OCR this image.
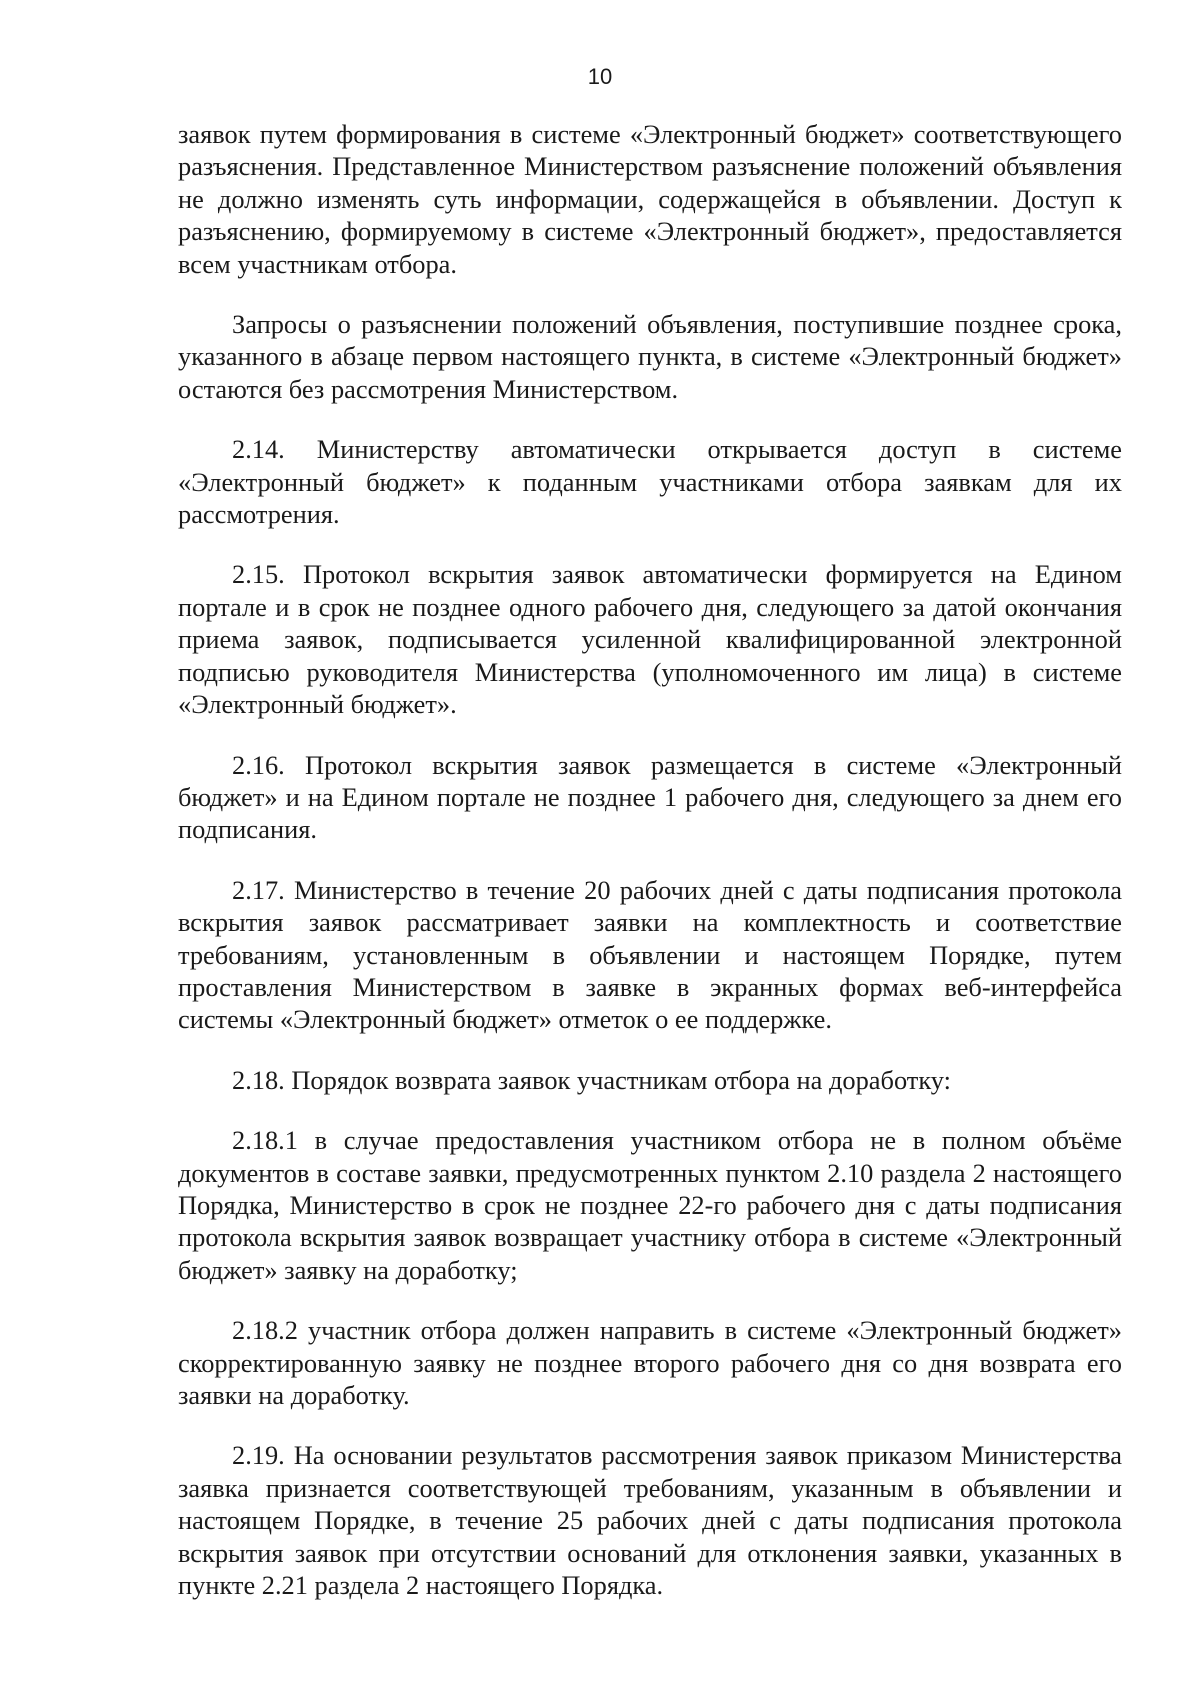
10

заявок путем формирования в системе «Электронный бюджет» соответствующего разъяснения. Представленное Министерством разъяснение положений объявления не должно изменять суть информации, содержащейся в объявлении. Доступ к разъяснению, формируемому в системе «Электронный бюджет», предоставляется всем участникам отбора.

Запросы о разъяснении положений объявления, поступившие позднее срока, указанного в абзаце первом настоящего пункта, в системе «Электронный бюджет» остаются без рассмотрения Министерством.

2.14. Министерству автоматически открывается доступ в системе «Электронный бюджет» к поданным участниками отбора заявкам для их рассмотрения.

2.15. Протокол вскрытия заявок автоматически формируется на Едином портале и в срок не позднее одного рабочего дня, следующего за датой окончания приема заявок, подписывается усиленной квалифицированной электронной подписью руководителя Министерства (уполномоченного им лица) в системе «Электронный бюджет».

2.16. Протокол вскрытия заявок размещается в системе «Электронный бюджет» и на Едином портале не позднее 1 рабочего дня, следующего за днем его подписания.

2.17. Министерство в течение 20 рабочих дней с даты подписания протокола вскрытия заявок рассматривает заявки на комплектность и соответствие требованиям, установленным в объявлении и настоящем Порядке, путем проставления Министерством в заявке в экранных формах веб-интерфейса системы «Электронный бюджет» отметок о ее поддержке.

2.18. Порядок возврата заявок участникам отбора на доработку:

2.18.1 в случае предоставления участником отбора не в полном объёме документов в составе заявки, предусмотренных пунктом 2.10 раздела 2 настоящего Порядка, Министерство в срок не позднее 22-го рабочего дня с даты подписания протокола вскрытия заявок возвращает участнику отбора в системе «Электронный бюджет» заявку на доработку;

2.18.2 участник отбора должен направить в системе «Электронный бюджет» скорректированную заявку не позднее второго рабочего дня со дня возврата его заявки на доработку.

2.19. На основании результатов рассмотрения заявок приказом Министерства заявка признается соответствующей требованиям, указанным в объявлении и настоящем Порядке, в течение 25 рабочих дней с даты подписания протокола вскрытия заявок при отсутствии оснований для отклонения заявки, указанных в пункте 2.21 раздела 2 настоящего Порядка.
